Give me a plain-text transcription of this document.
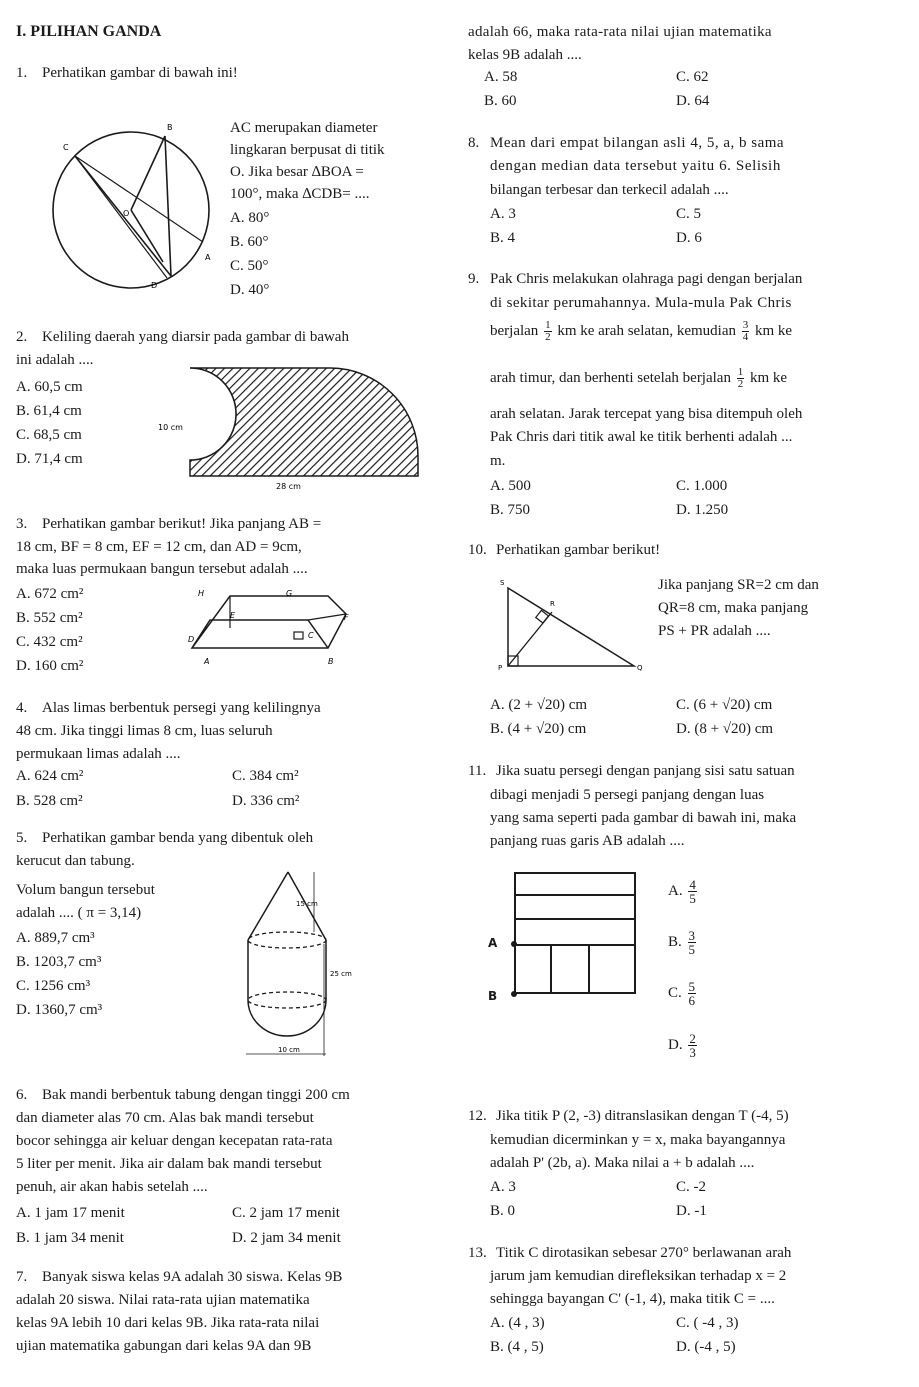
I. PILIHAN GANDA
1. Perhatikan gambar di bawah ini!
B
C
O
A
D
AC merupakan diameter
lingkaran berpusat di titik
O. Jika besar ∆BOA =
100°, maka ∆CDB= ....
A. 80°
B. 60°
C. 50°
D. 40°
2. Keliling daerah yang diarsir pada gambar di bawah
ini adalah ....
A. 60,5 cm
B. 61,4 cm
C. 68,5 cm
D. 71,4 cm
10 cm
28 cm
3. Perhatikan gambar berikut! Jika panjang AB =
18 cm, BF = 8 cm, EF = 12 cm, dan AD = 9cm,
maka luas permukaan bangun tersebut adalah ....
A. 672 cm²
B. 552 cm²
C. 432 cm²
D. 160 cm²
H	G
E	F
D	C
A	B
4. Alas limas berbentuk persegi yang kelilingnya
48 cm. Jika tinggi limas 8 cm, luas seluruh
permukaan limas adalah ....
A. 624 cm²	C. 384 cm²
B. 528 cm²	D. 336 cm²
5. Perhatikan gambar benda yang dibentuk oleh
kerucut dan tabung.
Volum bangun tersebut
adalah .... ( π = 3,14)
A. 889,7 cm³
B. 1203,7 cm³
C. 1256 cm³
D. 1360,7 cm³
15 cm
25 cm
10 cm
6. Bak mandi berbentuk tabung dengan tinggi 200 cm
dan diameter alas 70 cm. Alas bak mandi tersebut
bocor sehingga air keluar dengan kecepatan rata-rata
5 liter per menit. Jika air dalam bak mandi tersebut
penuh, air akan habis setelah ....
A. 1 jam 17 menit	C. 2 jam 17 menit
B. 1 jam 34 menit	D. 2 jam 34 menit
7. Banyak siswa kelas 9A adalah 30 siswa. Kelas 9B
adalah 20 siswa. Nilai rata-rata ujian matematika
kelas 9A lebih 10 dari kelas 9B. Jika rata-rata nilai
ujian matematika gabungan dari kelas 9A dan 9B
adalah 66, maka rata-rata nilai ujian matematika
kelas 9B adalah ....
A. 58	C. 62
B. 60	D. 64
8. Mean dari empat bilangan asli 4, 5, a, b sama
dengan median data tersebut yaitu 6. Selisih
bilangan terbesar dan terkecil adalah ....
A. 3	C. 5
B. 4	D. 6
9. Pak Chris melakukan olahraga pagi dengan berjalan
di sekitar perumahannya. Mula-mula Pak Chris
berjalan $\frac{1}{2}$ km ke arah selatan, kemudian $\frac{3}{4}$ km ke
arah timur, dan berhenti setelah berjalan $\frac{1}{2}$ km ke
arah selatan. Jarak tercepat yang bisa ditempuh oleh
Pak Chris dari titik awal ke titik berhenti adalah ...
m.
A. 500	C. 1.000
B. 750	D. 1.250
10. Perhatikan gambar berikut!
S
R
P	Q
Jika panjang SR=2 cm dan
QR=8 cm, maka panjang
PS + PR adalah ....
A. (2 + √20) cm	C. (6 + √20) cm
B. (4 + √20) cm	D. (8 + √20) cm
11. Jika suatu persegi dengan panjang sisi satu satuan
dibagi menjadi 5 persegi panjang dengan luas
yang sama seperti pada gambar di bawah ini, maka
panjang ruas garis AB adalah ....
A
B
A. $\frac{4}{5}$
B. $\frac{3}{5}$
C. $\frac{5}{6}$
D. $\frac{2}{3}$
12. Jika titik P (2, -3) ditranslasikan dengan T (-4, 5)
kemudian dicerminkan y = x, maka bayangannya
adalah P' (2b, a). Maka nilai a + b adalah ....
A. 3	C. -2
B. 0	D. -1
13. Titik C dirotasikan sebesar 270° berlawanan arah
jarum jam kemudian direfleksikan terhadap x = 2
sehingga bayangan C' (-1, 4), maka titik C = ....
A. (4 , 3)	C. ( -4 , 3)
B. (4 , 5)	D. (-4 , 5)
